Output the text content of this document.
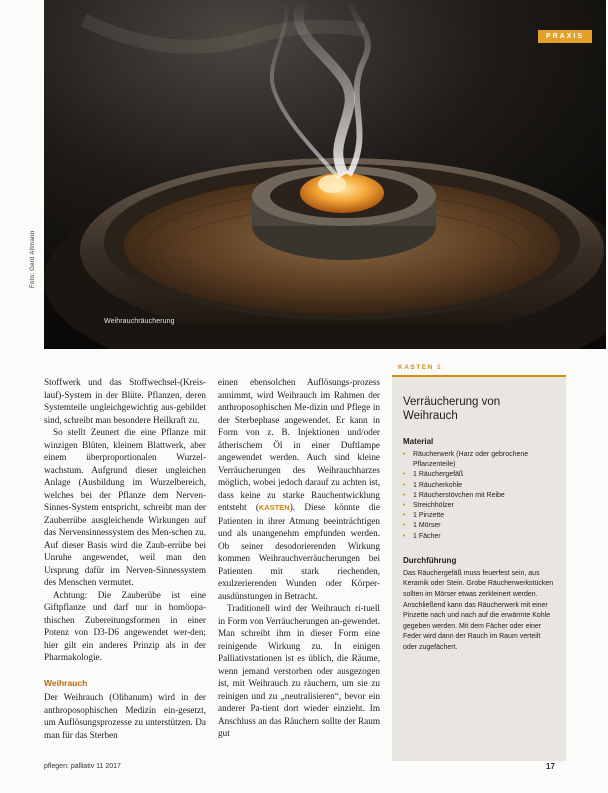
PRAXIS
Weihrauchräucherung
Foto: Gerd Altmann

Stoffwerk und das Stoffwechsel-(Kreis-lauf)-System in der Blüte. Pflanzen, deren Systemteile ungleichgewichtig aus-gebildet sind, schreibt man besondere Heilkraft zu.

So stellt Zeunert die eine Pflanze mit winzigen Blüten, kleinem Blattwerk, aber einem überproportionalen Wurzel-wachstum. Aufgrund dieser ungleichen Anlage (Ausbildung im Wurzelbereich, welches bei der Pflanze dem Nerven-Sinnes-System entspricht, schreibt man der Zauberrübe ausgleichende Wirkungen auf das Nervensinnessystem des Men-schen zu. Auf dieser Basis wird die Zaub-errübe bei Unruhe angewendet, weil man den Ursprung dafür im Nerven-Sinnessystem des Menschen vermutet.

Achtung: Die Zauberübe ist eine Giftpflanze und darf nur in homöopa-thischen Zubereitungsformen in einer Potenz von D3-D6 angewendet wer-den; hier gilt ein anderes Prinzip als in der Pharmakologie.

Weihrauch

Der Weihrauch (Olibanum) wird in der anthroposophischen Medizin ein-gesetzt, um Auflösungsprozesse zu unterstützen. Da man für das Sterben

einen ebensolchen Auflösungs-prozess annimmt, wird Weihrauch im Rahmen der anthroposophischen Me-dizin und Pflege in der Sterbephase angewendet. Er kann in Form von z. B. Injektionen und/oder ätherischem Öl in einer Duftlampe angewendet werden. Auch sind kleine Verräucherungen des Weihrauchharzes möglich, wobei jedoch darauf zu achten ist, dass keine zu starke Rauchentwicklung entsteht (KASTEN). Diese könnte die Patienten in ihrer Atmung beeinträchtigen und als unangenehm empfunden werden. Ob seiner desodorierenden Wirkung kommen Weihrauchverräucherungen bei Patienten mit stark riechenden, exulzerierenden Wunden oder Körper-ausdünstungen in Betracht.

Traditionell wird der Weihrauch ri-tuell in Form von Verräucherungen an-gewendet. Man schreibt ihm in dieser Form eine reinigende Wirkung zu. In einigen Palliativstationen ist es üblich, die Räume, wenn jemand verstorben oder ausgezogen ist, mit Weihrauch zu räuchern, um sie zu reinigen und zu „neutralisieren“, bevor ein anderer Pa-tient dort wieder einzieht. Im Anschluss an das Räuchern sollte der Raum gut

KASTEN 1
Verräucherung von Weihrauch
Material
• Räucherwerk (Harz oder gebrochene Pflanzenteile)
• 1 Räuchergefäß
• 1 Räucherkohle
• 1 Räucherstövchen mit Reibe
• Streichhölzer
• 1 Pinzette
• 1 Mörser
• 1 Fächer
Durchführung

Das Räuchergefäß muss feuerfest sein, aus Keramik oder Stein. Grobe Räucherwerkstücken sollten im Mörser etwas zerkleinert werden. Anschließend kann das Räucherwerk mit einer Pinzette nach und nach auf die erwärmte Kohle gegeben werden. Mit dem Fächer oder einer Feder wird dann der Rauch im Raum verteilt oder zugefächert.

pflegen: palliativ 11 2017	17
